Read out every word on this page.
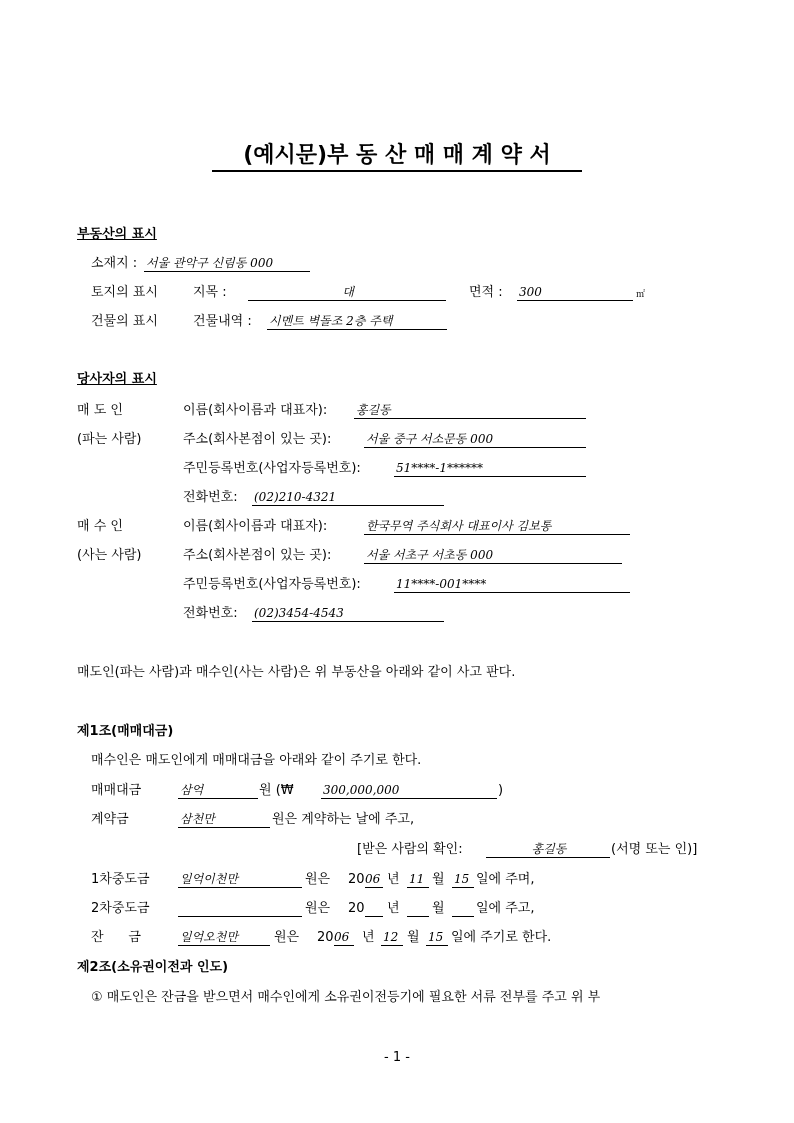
(예시문)부 동 산 매 매 계 약 서
부동산의 표시
소재지 : 서울 관악구 신림동 000
토지의 표시	지목 :	대	면적 : 300	㎡
건물의 표시	건물내역 : 시멘트 벽돌조 2층 주택
당사자의 표시
매 도 인	이름(회사이름과 대표자): 홍길동
(파는 사람)	주소(회사본점이 있는 곳):	서울 중구 서소문동 000
주민등록번호(사업자등록번호):	51****-1******
전화번호: (02)210-4321
매 수 인	이름(회사이름과 대표자):	한국무역 주식회사 대표이사 김보통
(사는 사람)	주소(회사본점이 있는 곳):	서울 서초구 서초동 000
주민등록번호(사업자등록번호):	11****-001****
전화번호: (02)3454-4543
매도인(파는 사람)과 매수인(사는 사람)은 위 부동산을 아래와 같이 사고 판다.
제1조(매매대금)
매수인은 매도인에게 매매대금을 아래와 같이 주기로 한다.
매매대금	삼억	원 (₩ 300,000,000	)
계약금	삼천만	원은 계약하는 날에 주고,
[받은 사람의 확인:	홍길동	(서명 또는 인)]
1차중도금	일억이천만	원은 20 06 년 11 월 15 일에 주며,
2차중도금	원은 20 년 월 일에 주고,
잔      금	일억오천만	원은 20 06 년 12 월 15 일에 주기로 한다.
제2조(소유권이전과 인도)
① 매도인은 잔금을 받으면서 매수인에게 소유권이전등기에 필요한 서류 전부를 주고 위 부
- 1 -
